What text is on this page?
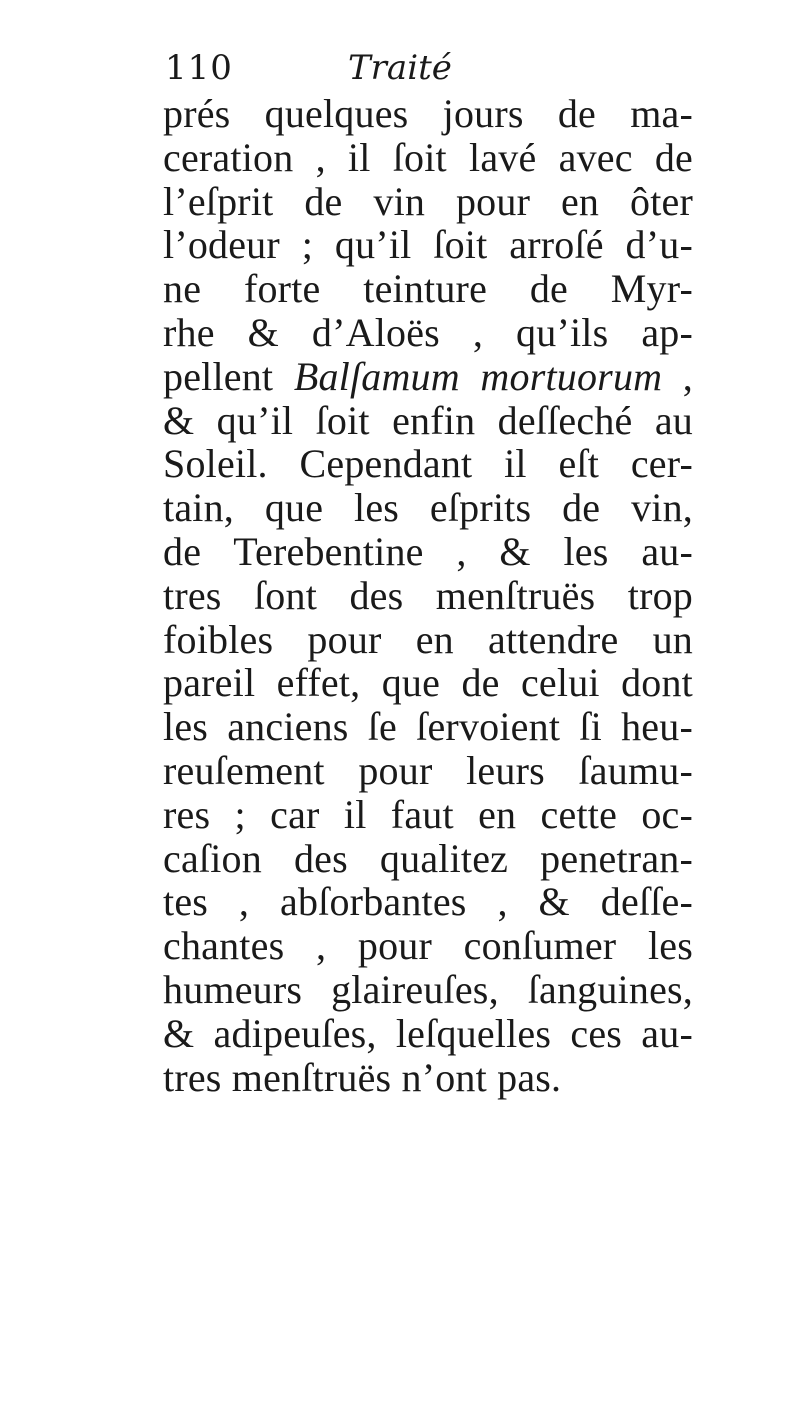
110	Traité
prés quelques jours de ma-
ceration , il ſoit lavé avec de
l’eſprit de vin pour en ôter
l’odeur ; qu’il ſoit arroſé d’u-
ne forte teinture de Myr-
rhe & d’Aloës , qu’ils ap-
pellent Balſamum mortuorum ,
& qu’il ſoit enfin deſſeché au
Soleil. Cependant il eſt cer-
tain, que les eſprits de vin,
de Terebentine , & les au-
tres ſont des menſtruës trop
foibles pour en attendre un
pareil effet, que de celui dont
les anciens ſe ſervoient ſi heu-
reuſement pour leurs ſaumu-
res ; car il faut en cette oc-
caſion des qualitez penetran-
tes , abſorbantes , & deſſe-
chantes , pour conſumer les
humeurs glaireuſes, ſanguines,
& adipeuſes, leſquelles ces au-
tres menſtruës n’ont pas.
